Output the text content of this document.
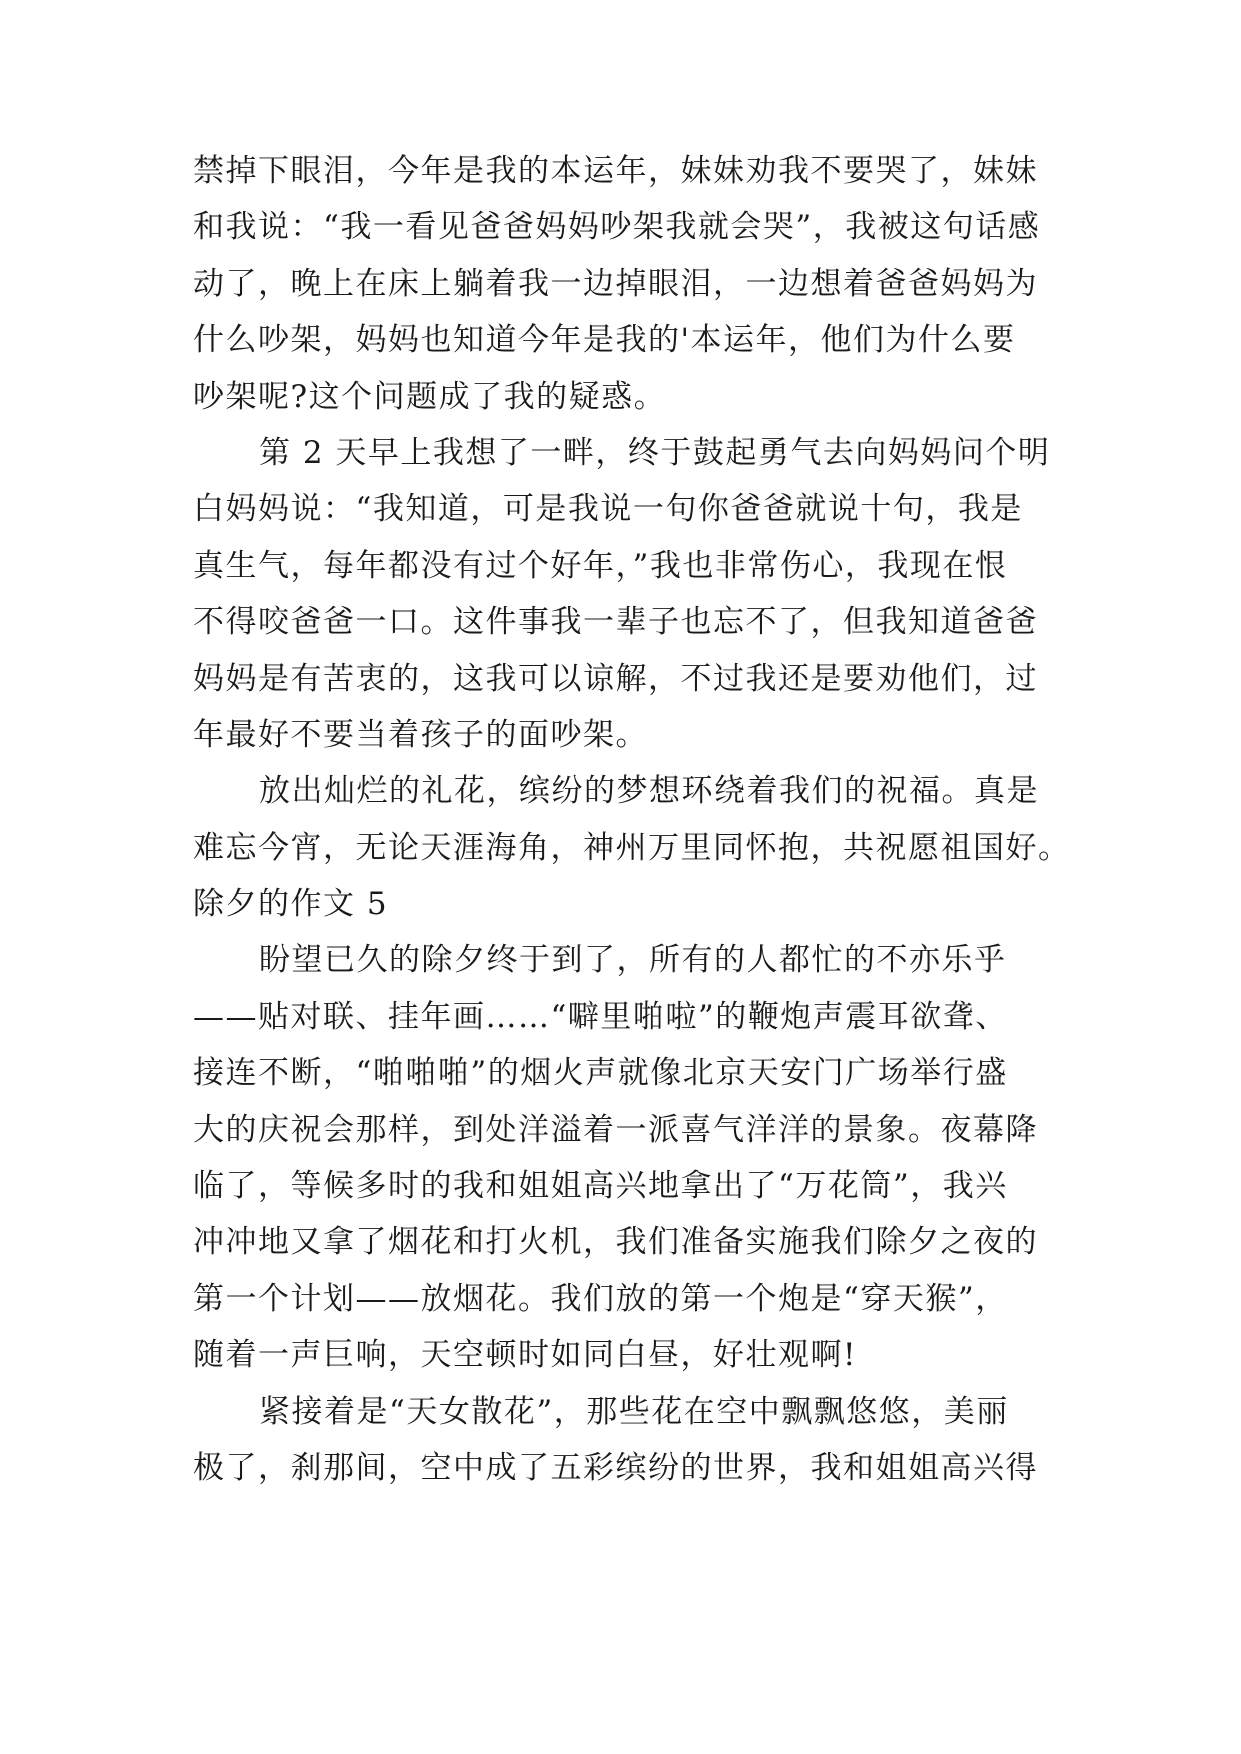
禁掉下眼泪，今年是我的本运年，妹妹劝我不要哭了，妹妹
和我说：“我一看见爸爸妈妈吵架我就会哭”，我被这句话感
动了，晚上在床上躺着我一边掉眼泪，一边想着爸爸妈妈为
什么吵架，妈妈也知道今年是我的'本运年，他们为什么要
吵架呢?这个问题成了我的疑惑。
第 2 天早上我想了一畔，终于鼓起勇气去向妈妈问个明
白妈妈说：“我知道，可是我说一句你爸爸就说十句，我是
真生气，每年都没有过个好年，”我也非常伤心，我现在恨
不得咬爸爸一口。这件事我一辈子也忘不了，但我知道爸爸
妈妈是有苦衷的，这我可以谅解，不过我还是要劝他们，过
年最好不要当着孩子的面吵架。
放出灿烂的礼花，缤纷的梦想环绕着我们的祝福。真是
难忘今宵，无论天涯海角，神州万里同怀抱，共祝愿祖国好。
除夕的作文 5
盼望已久的除夕终于到了，所有的人都忙的不亦乐乎
——贴对联、挂年画……“噼里啪啦”的鞭炮声震耳欲聋、
接连不断，“啪啪啪”的烟火声就像北京天安门广场举行盛
大的庆祝会那样，到处洋溢着一派喜气洋洋的景象。夜幕降
临了，等候多时的我和姐姐高兴地拿出了“万花筒”，我兴
冲冲地又拿了烟花和打火机，我们准备实施我们除夕之夜的
第一个计划——放烟花。我们放的第一个炮是“穿天猴”，
随着一声巨响，天空顿时如同白昼，好壮观啊!
紧接着是“天女散花”，那些花在空中飘飘悠悠，美丽
极了，刹那间，空中成了五彩缤纷的世界，我和姐姐高兴得
